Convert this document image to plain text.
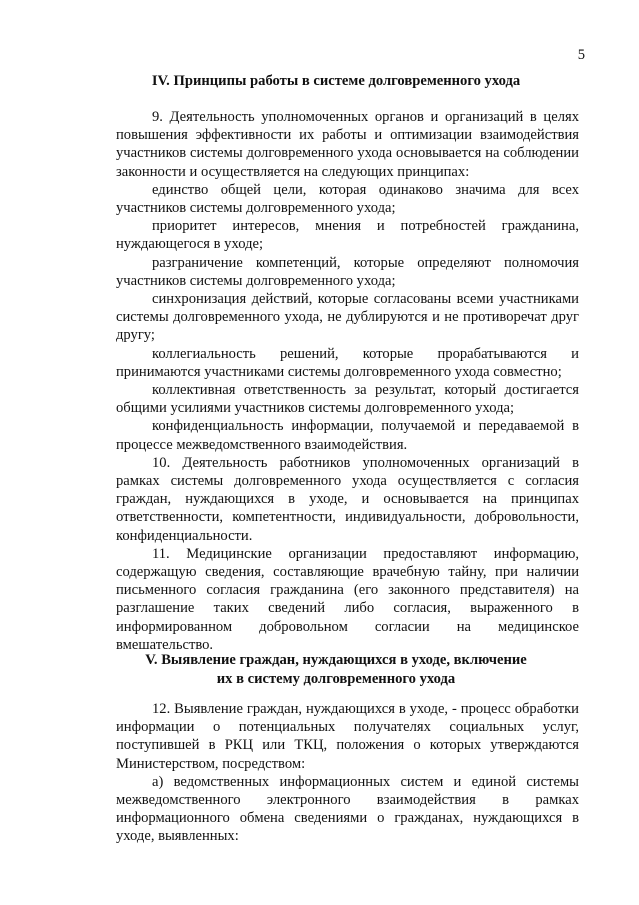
5
IV. Принципы работы в системе долговременного ухода

9. Деятельность уполномоченных органов и организаций в целях повышения эффективности их работы и оптимизации взаимодействия участников системы долговременного ухода основывается на соблюдении законности и осуществляется на следующих принципах:

единство общей цели, которая одинаково значима для всех участников системы долговременного ухода;

приоритет интересов, мнения и потребностей гражданина, нуждающегося в уходе;

разграничение компетенций, которые определяют полномочия участников системы долговременного ухода;

синхронизация действий, которые согласованы всеми участниками системы долговременного ухода, не дублируются и не противоречат друг другу;

коллегиальность решений, которые прорабатываются и принимаются участниками системы долговременного ухода совместно;

коллективная ответственность за результат, который достигается общими усилиями участников системы долговременного ухода;

конфиденциальность информации, получаемой и передаваемой в процессе межведомственного взаимодействия.

10. Деятельность работников уполномоченных организаций в рамках системы долговременного ухода осуществляется с согласия граждан, нуждающихся в уходе, и основывается на принципах ответственности, компетентности, индивидуальности, добровольности, конфиденциальности.

11. Медицинские организации предоставляют информацию, содержащую сведения, составляющие врачебную тайну, при наличии письменного согласия гражданина (его законного представителя) на разглашение таких сведений либо согласия, выраженного в информированном добровольном согласии на медицинское вмешательство.

V. Выявление граждан, нуждающихся в уходе, включение
их в систему долговременного ухода

12. Выявление граждан, нуждающихся в уходе, - процесс обработки информации о потенциальных получателях социальных услуг, поступившей в РКЦ или ТКЦ, положения о которых утверждаются Министерством, посредством:

а) ведомственных информационных систем и единой системы межведомственного электронного взаимодействия в рамках информационного обмена сведениями о гражданах, нуждающихся в уходе, выявленных:
